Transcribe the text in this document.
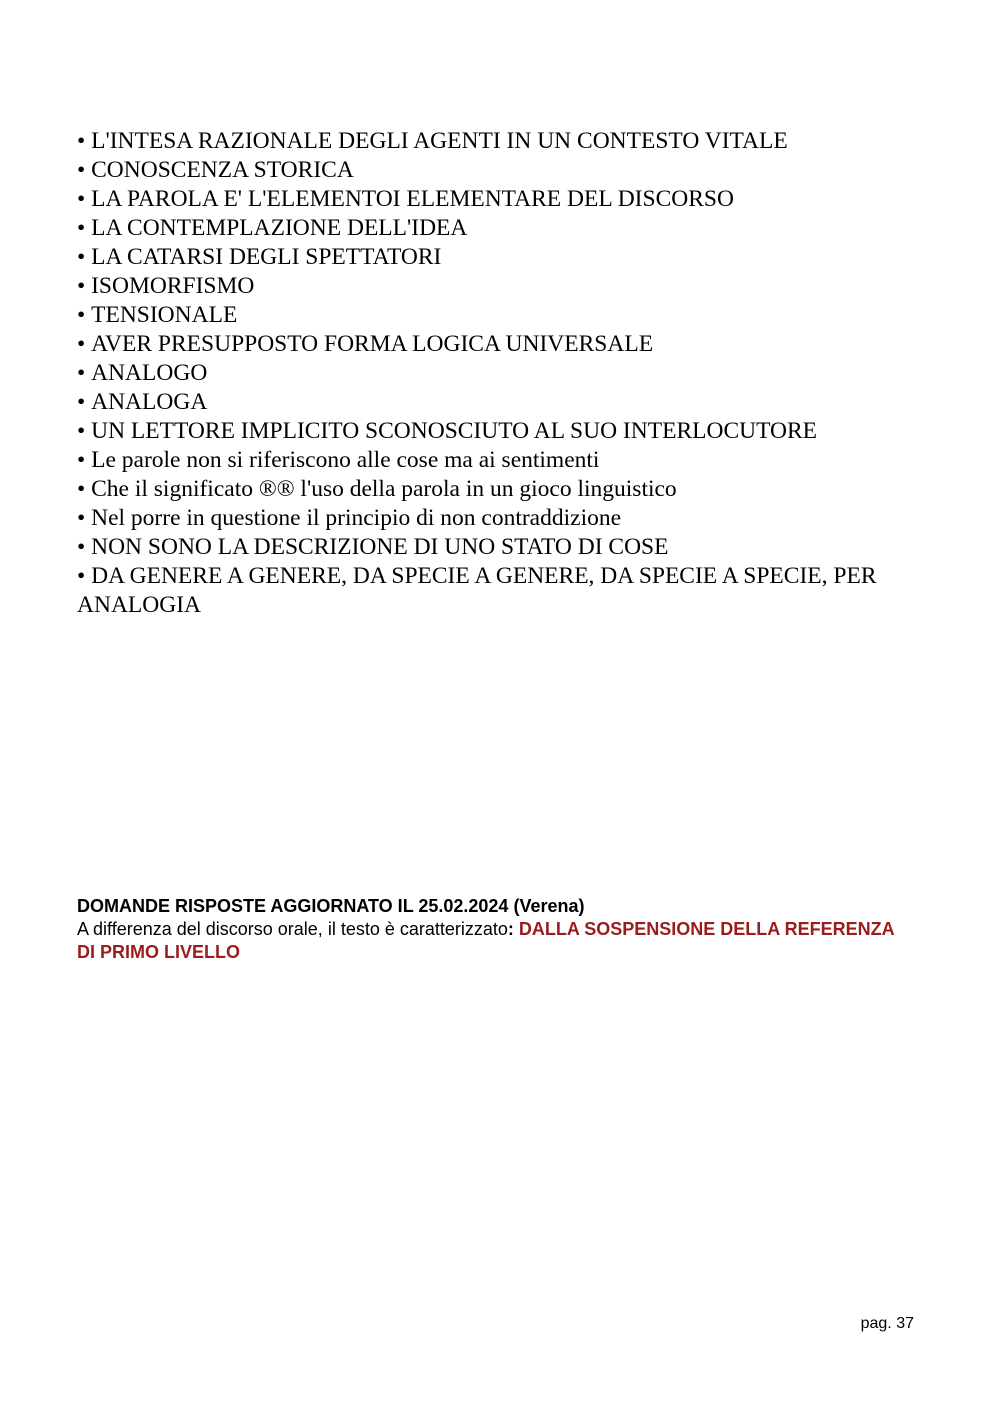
• L'INTESA RAZIONALE DEGLI AGENTI IN UN CONTESTO VITALE
• CONOSCENZA STORICA
• LA PAROLA E' L'ELEMENTOI ELEMENTARE DEL DISCORSO
• LA CONTEMPLAZIONE DELL'IDEA
• LA CATARSI DEGLI SPETTATORI
• ISOMORFISMO
• TENSIONALE
• AVER PRESUPPOSTO FORMA LOGICA UNIVERSALE
• ANALOGO
• ANALOGA
• UN LETTORE IMPLICITO SCONOSCIUTO AL SUO INTERLOCUTORE
• Le parole non si riferiscono alle cose ma ai sentimenti
• Che il significato ®® l'uso della parola in un gioco linguistico
• Nel porre in questione il principio di non contraddizione
• NON SONO LA DESCRIZIONE DI UNO STATO DI COSE
• DA GENERE A GENERE, DA SPECIE A GENERE, DA SPECIE A SPECIE, PER ANALOGIA
DOMANDE RISPOSTE AGGIORNATO IL 25.02.2024 (Verena)
A differenza del discorso orale, il testo è caratterizzato: DALLA SOSPENSIONE DELLA REFERENZA DI PRIMO LIVELLO
pag. 37
